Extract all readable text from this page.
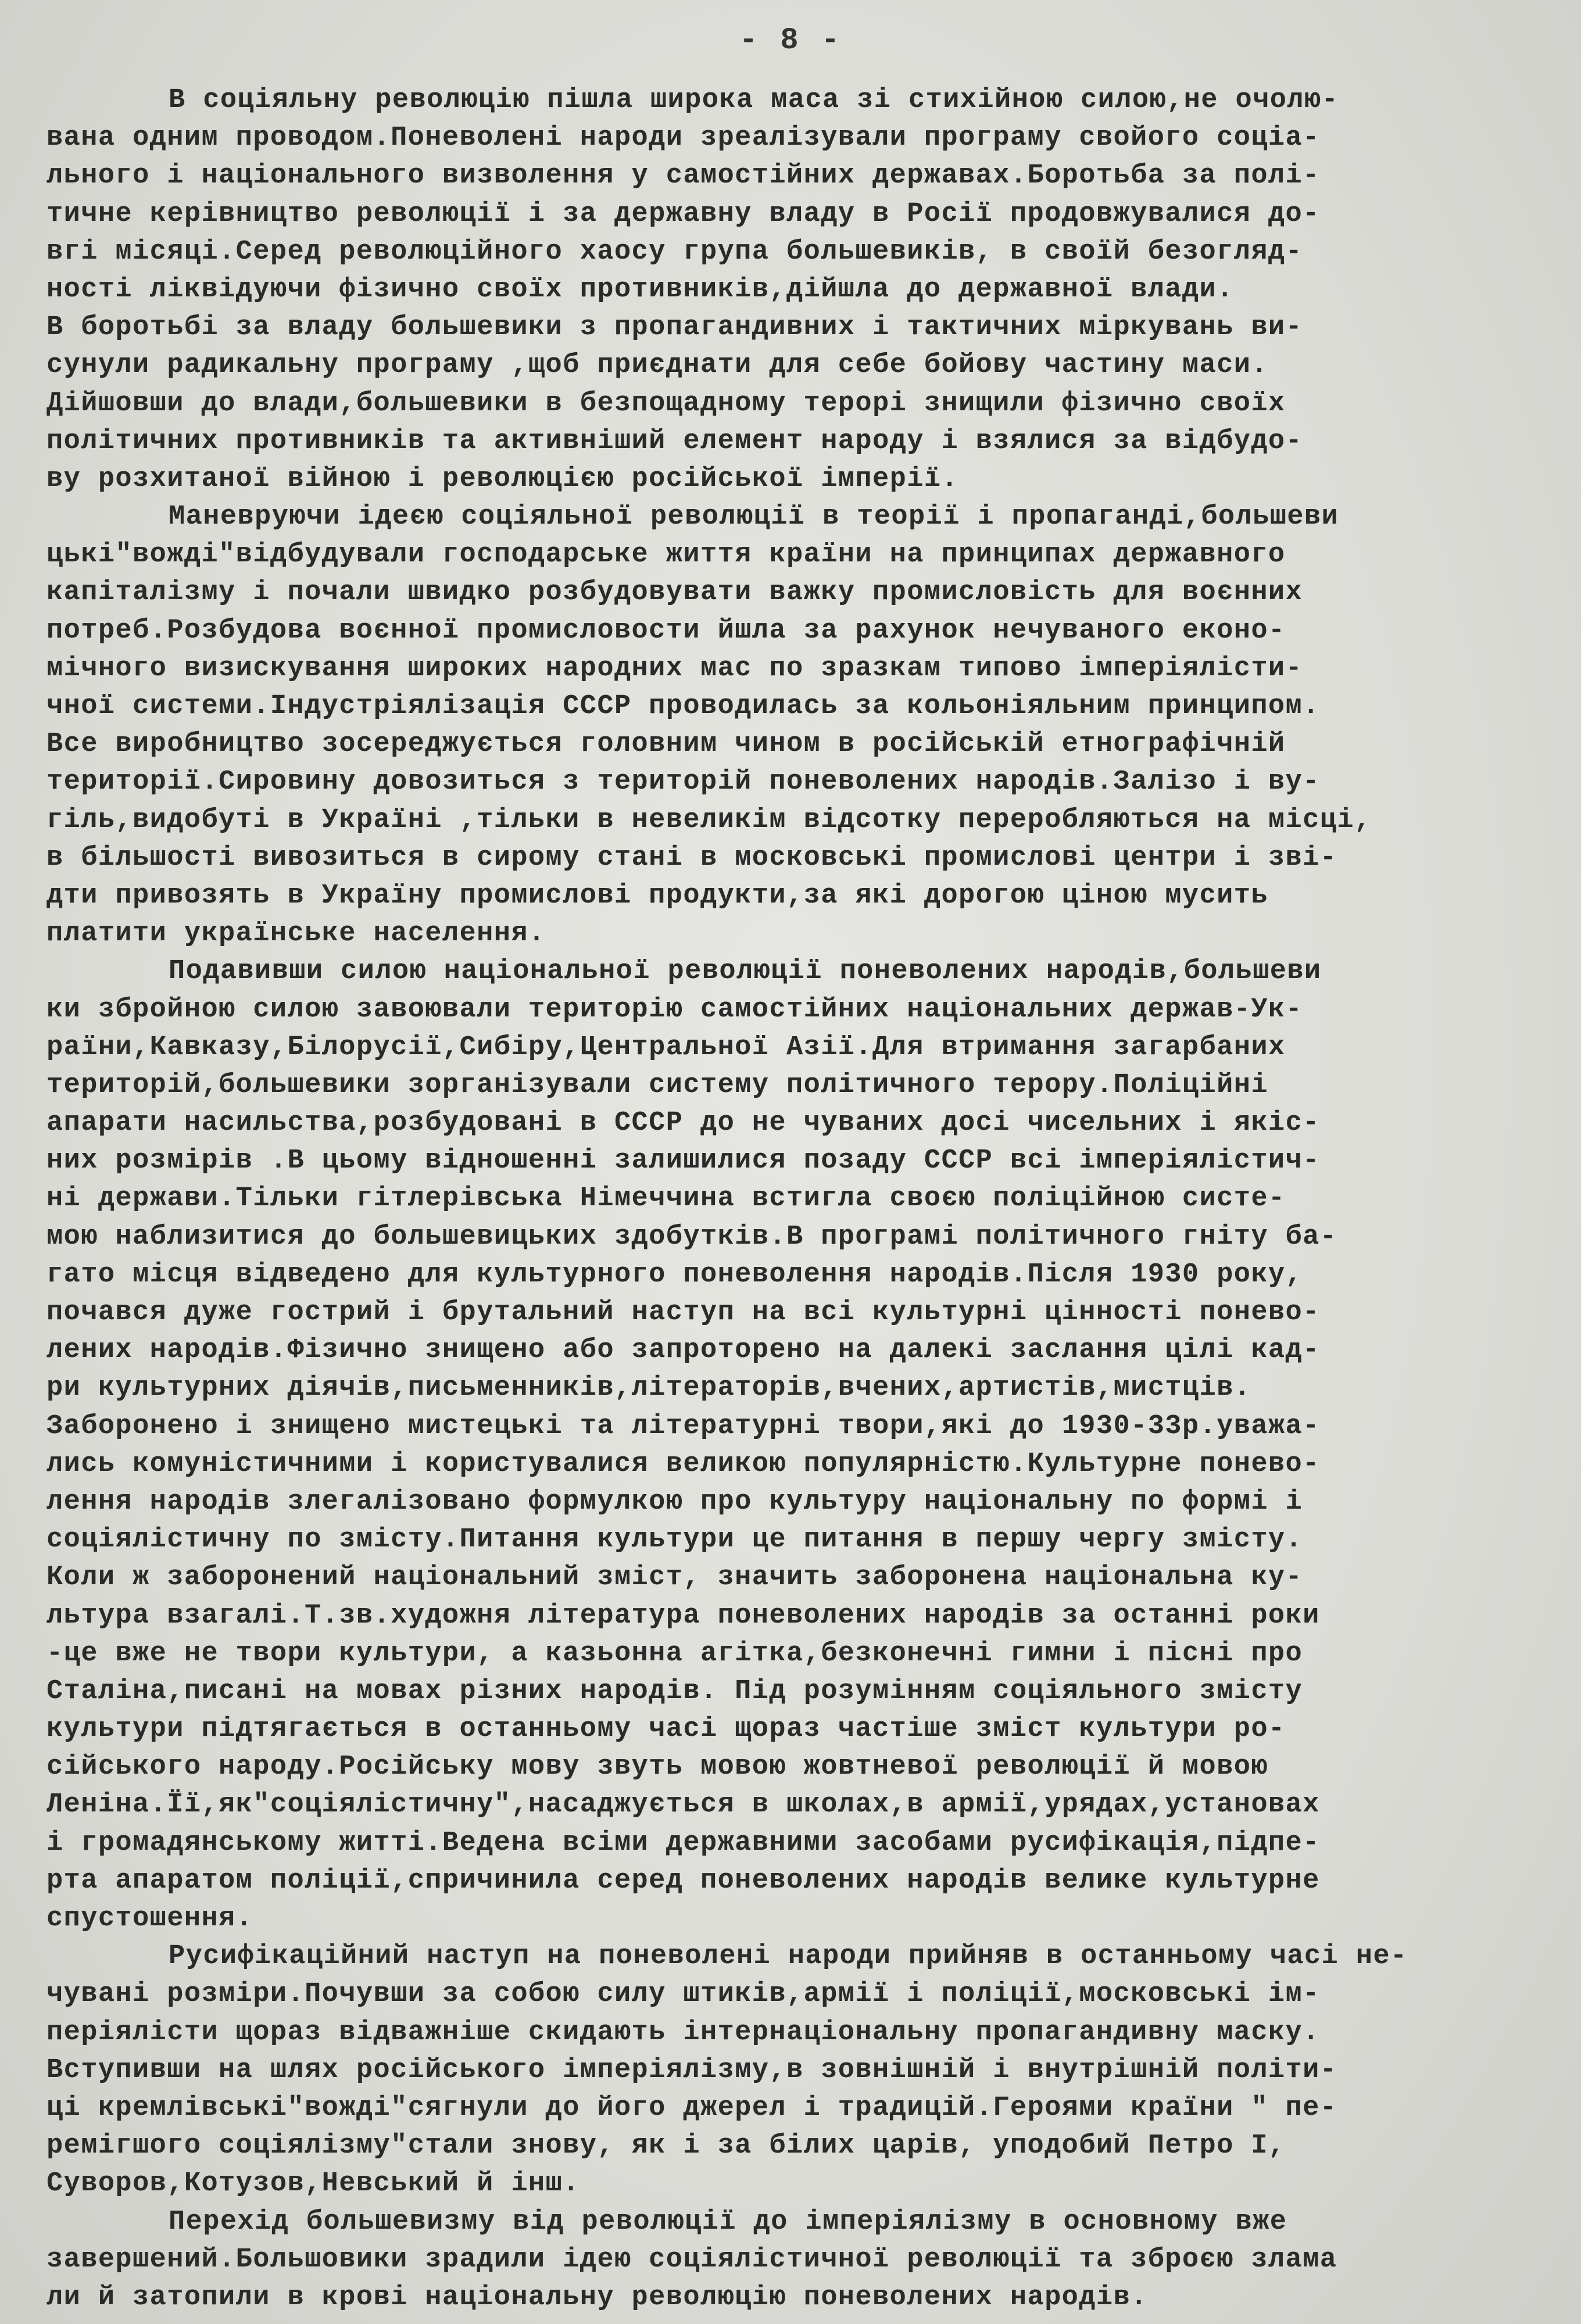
- 8 -
В соціяльну революцію пішла широка маса зі стихійною силою,не очолю-
вана одним проводом.Поневолені народи зреалізували програму свойого соціа-
льного і національного визволення у самостійних державах.Боротьба за полі-
тичне керівництво революції і за державну владу в Росії продовжувалися до-
вгі місяці.Серед революційного хаосу група большевиків, в своїй безогляд-
ності ліквідуючи фізично своїх противників,дійшла до державної влади.
В боротьбі за владу большевики з пропагандивних і тактичних міркувань ви-
сунули радикальну програму ,щоб приєднати для себе бойову частину маси.
Дійшовши до влади,большевики в безпощадному терорі знищили фізично своїх
політичних противників та активніший елемент народу і взялися за відбудо-
ву розхитаної війною і революцією російської імперії.
Маневруючи ідеєю соціяльної революції в теорії і пропаганді,большеви
цькі"вожді"відбудували господарське життя країни на принципах державного
капіталізму і почали швидко розбудовувати важку промисловість для воєнних
потреб.Розбудова воєнної промисловости йшла за рахунок нечуваного еконо-
мічного визискування широких народних мас по зразкам типово імперіялісти-
чної системи.Індустріялізація СССР проводилась за кольоніяльним принципом.
Все виробництво зосереджується головним чином в російській етнографічній
території.Сировину довозиться з територій поневолених народів.Залізо і ву-
гіль,видобуті в Україні ,тільки в невеликім відсотку переробляються на місці,
в більшості вивозиться в сирому стані в московські промислові центри і зві-
дти привозять в Україну промислові продукти,за які дорогою ціною мусить
платити українське населення.
Подавивши силою національної революції поневолених народів,большеви
ки збройною силою завоювали територію самостійних національних держав-Ук-
раїни,Кавказу,Білорусії,Сибіру,Центральної Азії.Для втримання загарбаних
територій,большевики зорганізували систему політичного терору.Поліційні
апарати насильства,розбудовані в СССР до не чуваних досі чисельних і якіс-
них розмірів .В цьому відношенні залишилися позаду СССР всі імперіялістич-
ні держави.Тільки гітлерівська Німеччина встигла своєю поліційною систе-
мою наблизитися до большевицьких здобутків.В програмі політичного гніту ба-
гато місця відведено для культурного поневолення народів.Після 1930 року,
почався дуже гострий і брутальний наступ на всі культурні цінності понево-
лених народів.Фізично знищено або запроторено на далекі заслання цілі кад-
ри культурних діячів,письменників,літераторів,вчених,артистів,мистців.
Заборонено і знищено мистецькі та літературні твори,які до 1930-33р.уважа-
лись комуністичними і користувалися великою популярністю.Культурне понево-
лення народів злегалізовано формулкою про культуру національну по формі і
соціялістичну по змісту.Питання культури це питання в першу чергу змісту.
Коли ж заборонений національний зміст, значить заборонена національна ку-
льтура взагалі.Т.зв.художня література поневолених народів за останні роки
-це вже не твори культури, а казьонна агітка,безконечні гимни і пісні про
Сталіна,писані на мовах різних народів. Під розумінням соціяльного змісту
культури підтягається в останньому часі щораз частіше зміст культури ро-
сійського народу.Російську мову звуть мовою жовтневої революції й мовою
Леніна.Її,як"соціялістичну",насаджується в школах,в армії,урядах,установах
і громадянському житті.Ведена всіми державними засобами русифікація,підпе-
рта апаратом поліції,спричинила серед поневолених народів велике культурне
спустошення.
Русифікаційний наступ на поневолені народи прийняв в останньому часі не-
чувані розміри.Почувши за собою силу штиків,армії і поліції,московські ім-
періялісти щораз відважніше скидають інтернаціональну пропагандивну маску.
Вступивши на шлях російського імперіялізму,в зовнішній і внутрішній політи-
ці кремлівські"вожді"сягнули до його джерел і традицій.Героями країни " пе-
ремігшого соціялізму"стали знову, як і за білих царів, уподобий Петро I,
Суворов,Котузов,Невський й інш.
Перехід большевизму від революції до імперіялізму в основному вже
завершений.Большовики зрадили ідею соціялістичної революції та зброєю злама
ли й затопили в крові національну революцію поневолених народів.
